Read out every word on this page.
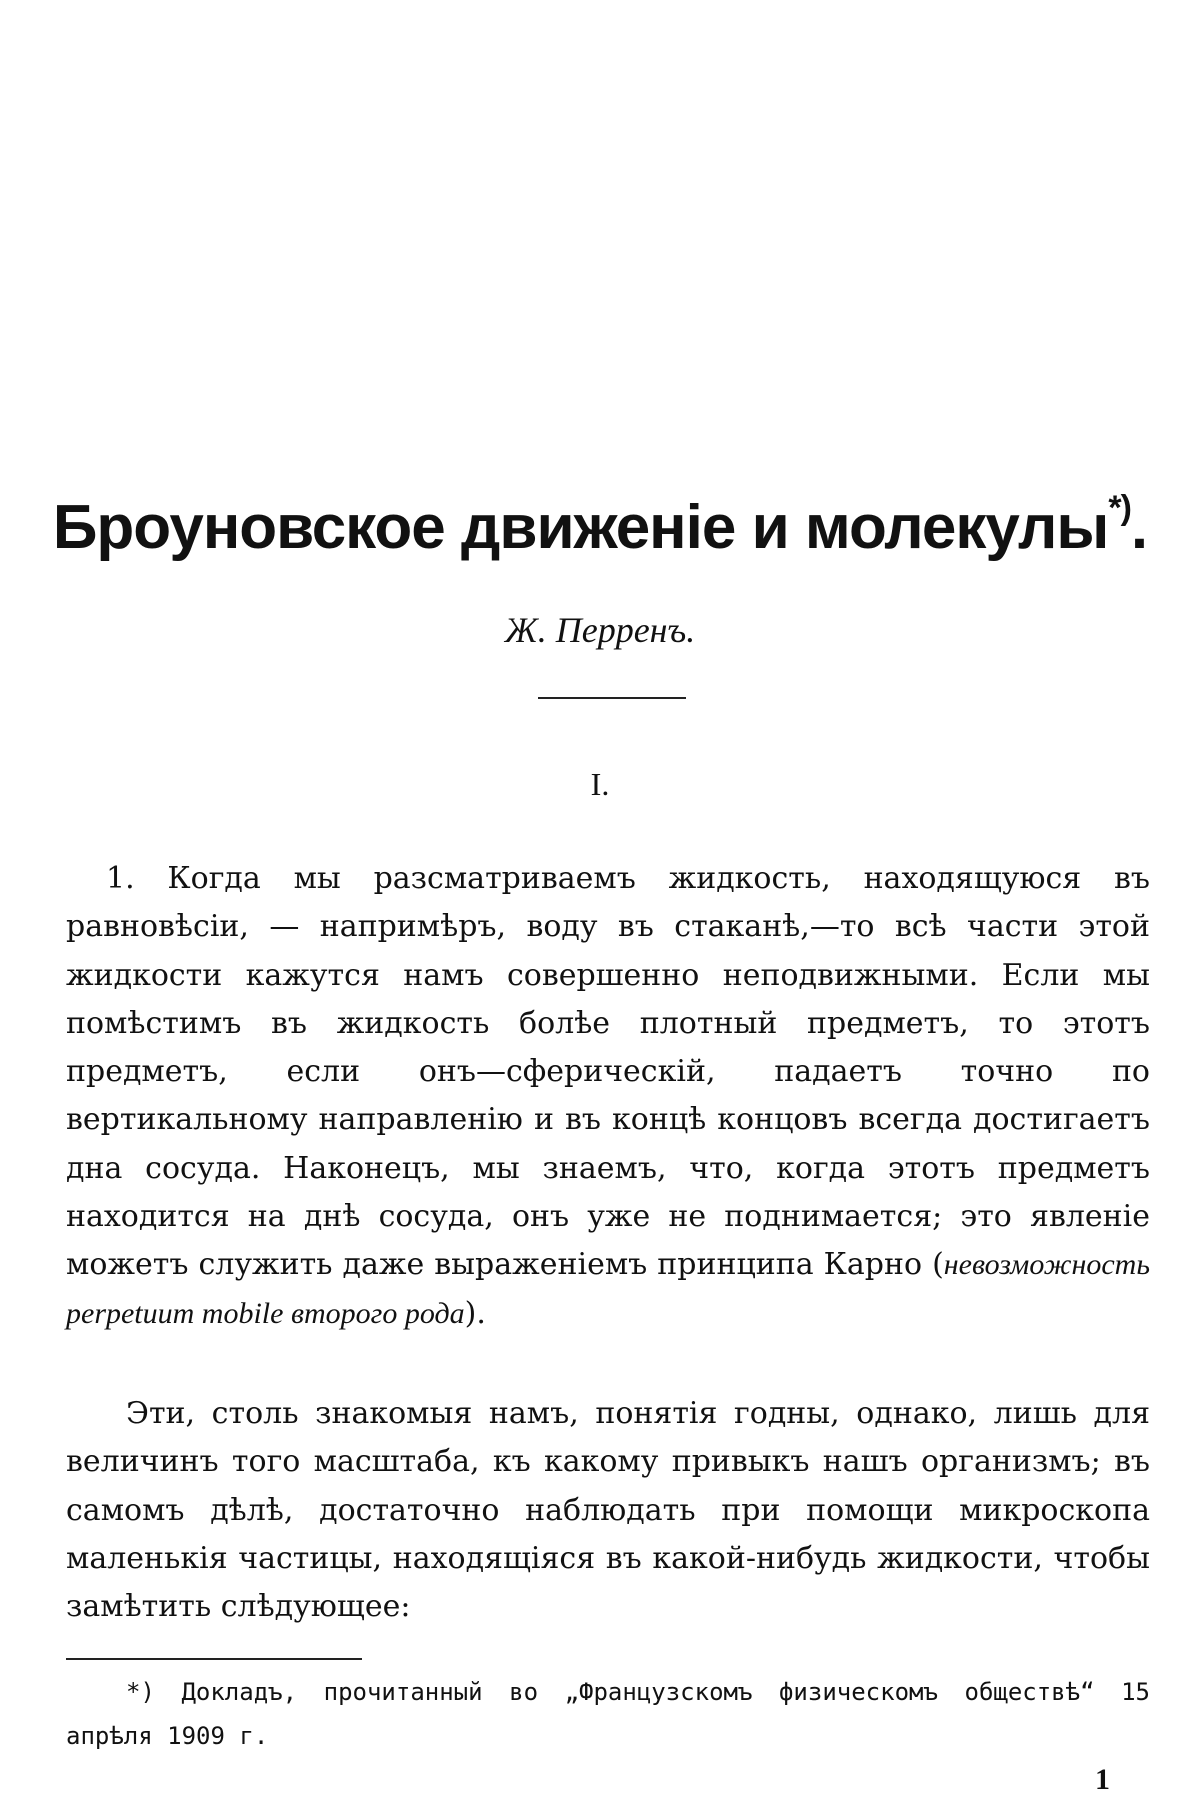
Броуновское движеніе и молекулы*).
Ж. Перренъ.
I.

1. Когда мы разсматриваемъ жидкость, находящуюся въ равновѣсіи, — напримѣръ, воду въ стаканѣ,—то всѣ части этой жидкости кажутся намъ совершенно неподвижными. Если мы помѣстимъ въ жидкость болѣе плотный предметъ, то этотъ предметъ, если онъ—сферическій, падаетъ точно по вертикальному направленію и въ концѣ концовъ всегда достигаетъ дна сосуда. Наконецъ, мы знаемъ, что, когда этотъ предметъ находится на днѣ сосуда, онъ уже не поднимается; это явленіе можетъ служить даже выраженіемъ принципа Карно (невозможность perpetuum mobile второго рода).

Эти, столь знакомыя намъ, понятія годны, однако, лишь для величинъ того масштаба, къ какому привыкъ нашъ организмъ; въ самомъ дѣлѣ, достаточно наблюдать при помощи микроскопа маленькія частицы, находящіяся въ какой-нибудь жидкости, чтобы замѣтить слѣдующее:

*) Докладъ, прочитанный во „Французскомъ физическомъ обществѣ“ 15 апрѣля 1909 г.

1
